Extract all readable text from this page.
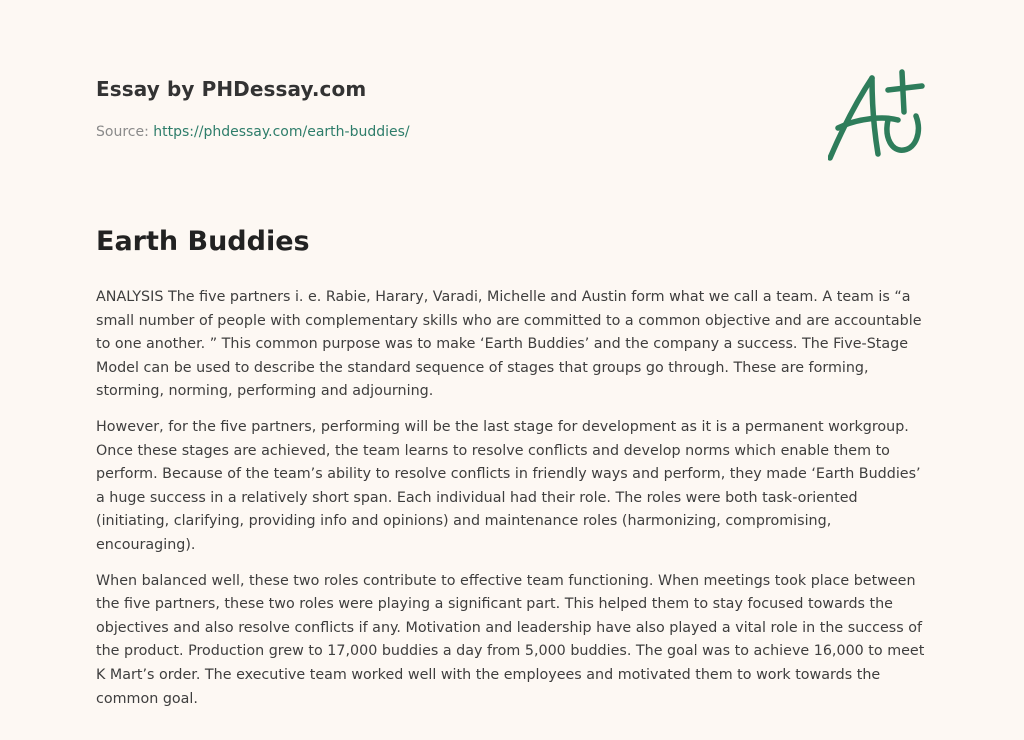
Essay by PHDessay.com
Source: https://phdessay.com/earth-buddies/
Earth Buddies

ANALYSIS The five partners i. e. Rabie, Harary, Varadi, Michelle and Austin form what we call a team. A team is “a small number of people with complementary skills who are committed to a common objective and are accountable to one another. ” This common purpose was to make ‘Earth Buddies’ and the company a success. The Five-Stage Model can be used to describe the standard sequence of stages that groups go through. These are forming, storming, norming, performing and adjourning.

However, for the five partners, performing will be the last stage for development as it is a permanent workgroup. Once these stages are achieved, the team learns to resolve conflicts and develop norms which enable them to perform. Because of the team’s ability to resolve conflicts in friendly ways and perform, they made ‘Earth Buddies’ a huge success in a relatively short span. Each individual had their role. The roles were both task-oriented (initiating, clarifying, providing info and opinions) and maintenance roles (harmonizing, compromising, encouraging).

When balanced well, these two roles contribute to effective team functioning. When meetings took place between the five partners, these two roles were playing a significant part. This helped them to stay focused towards the objectives and also resolve conflicts if any. Motivation and leadership have also played a vital role in the success of the product. Production grew to 17,000 buddies a day from 5,000 buddies. The goal was to achieve 16,000 to meet K Mart’s order. The executive team worked well with the employees and motivated them to work towards the common goal.
